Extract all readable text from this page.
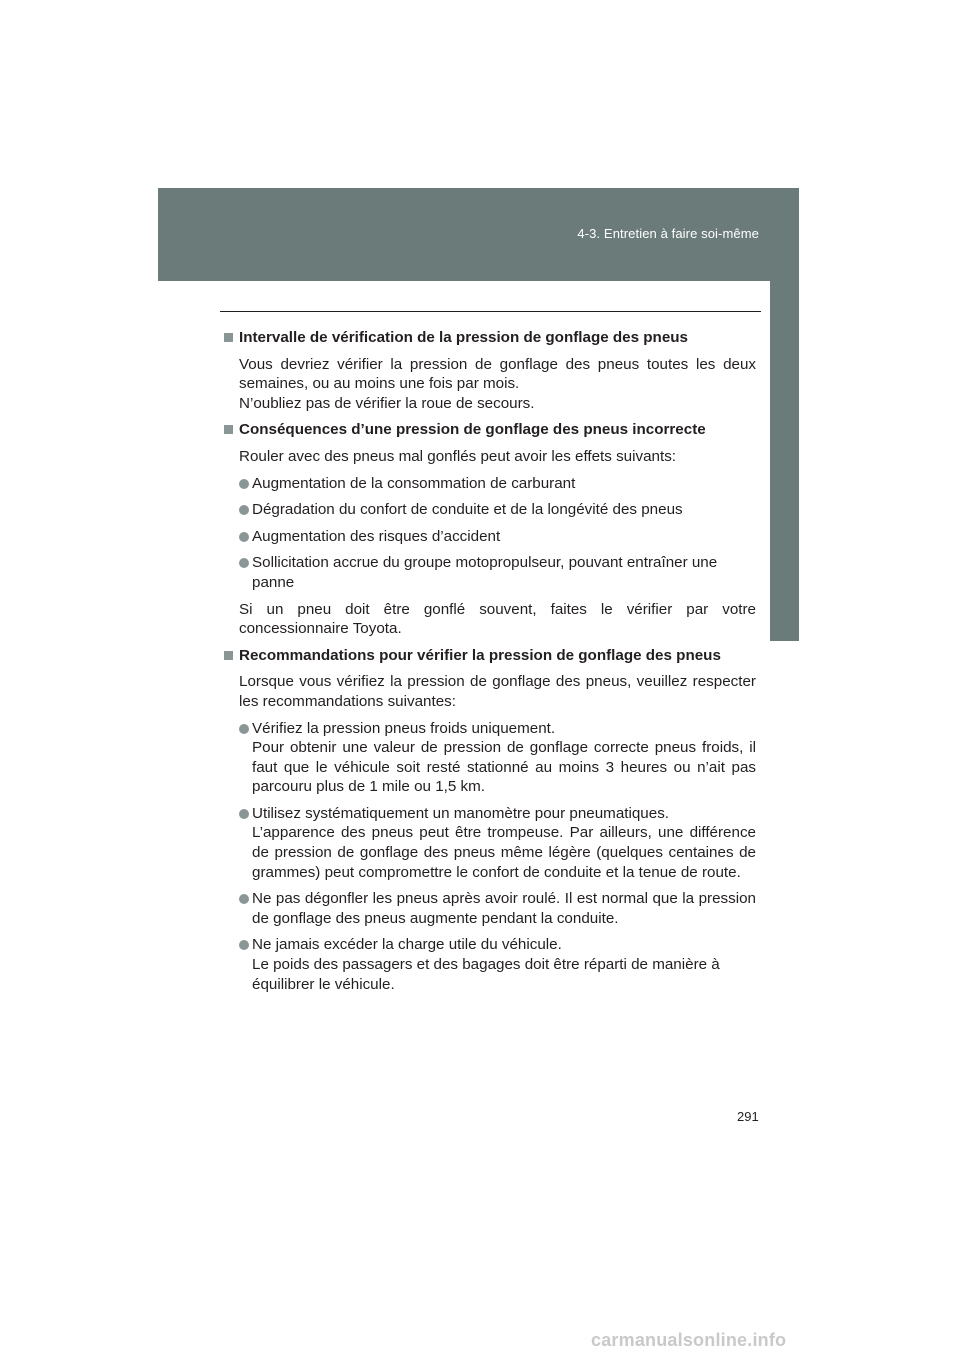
4-3. Entretien à faire soi-même
4
Entretien et soin
Intervalle de vérification de la pression de gonflage des pneus
Vous devriez vérifier la pression de gonflage des pneus toutes les deux semaines, ou au moins une fois par mois.
N’oubliez pas de vérifier la roue de secours.
Conséquences d’une pression de gonflage des pneus incorrecte
Rouler avec des pneus mal gonflés peut avoir les effets suivants:
Augmentation de la consommation de carburant
Dégradation du confort de conduite et de la longévité des pneus
Augmentation des risques d’accident
Sollicitation accrue du groupe motopropulseur, pouvant entraîner une panne
Si un pneu doit être gonflé souvent, faites le vérifier par votre concessionnaire Toyota.
Recommandations pour vérifier la pression de gonflage des pneus
Lorsque vous vérifiez la pression de gonflage des pneus, veuillez respecter les recommandations suivantes:
Vérifiez la pression pneus froids uniquement.
Pour obtenir une valeur de pression de gonflage correcte pneus froids, il faut que le véhicule soit resté stationné au moins 3 heures ou n’ait pas parcouru plus de 1 mile ou 1,5 km.
Utilisez systématiquement un manomètre pour pneumatiques.
L’apparence des pneus peut être trompeuse. Par ailleurs, une différence de pression de gonflage des pneus même légère (quelques centaines de grammes) peut compromettre le confort de conduite et la tenue de route.
Ne pas dégonfler les pneus après avoir roulé. Il est normal que la pression de gonflage des pneus augmente pendant la conduite.
Ne jamais excéder la charge utile du véhicule.
Le poids des passagers et des bagages doit être réparti de manière à équilibrer le véhicule.
291
carmanualsonline.info
